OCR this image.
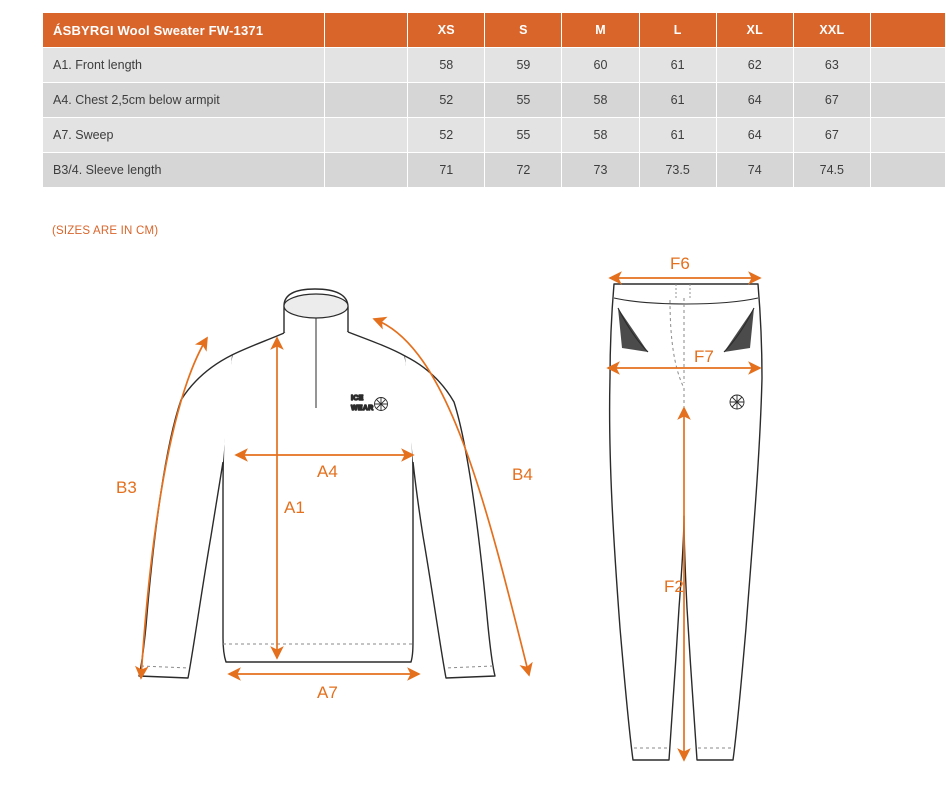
ÁSBYRGI Wool Sweater FW-1371		XS	S	M	L	XL	XXL	
A1. Front length		58	59	60	61	62	63	
A4. Chest 2,5cm below armpit		52	55	58	61	64	67	
A7. Sweep		52	55	58	61	64	67	
B3/4. Sleeve length		71	72	73	73.5	74	74.5	
(SIZES ARE IN CM)
ICE
WEAR
B3
A4
A1
B4
A7
F6
F7
F2
